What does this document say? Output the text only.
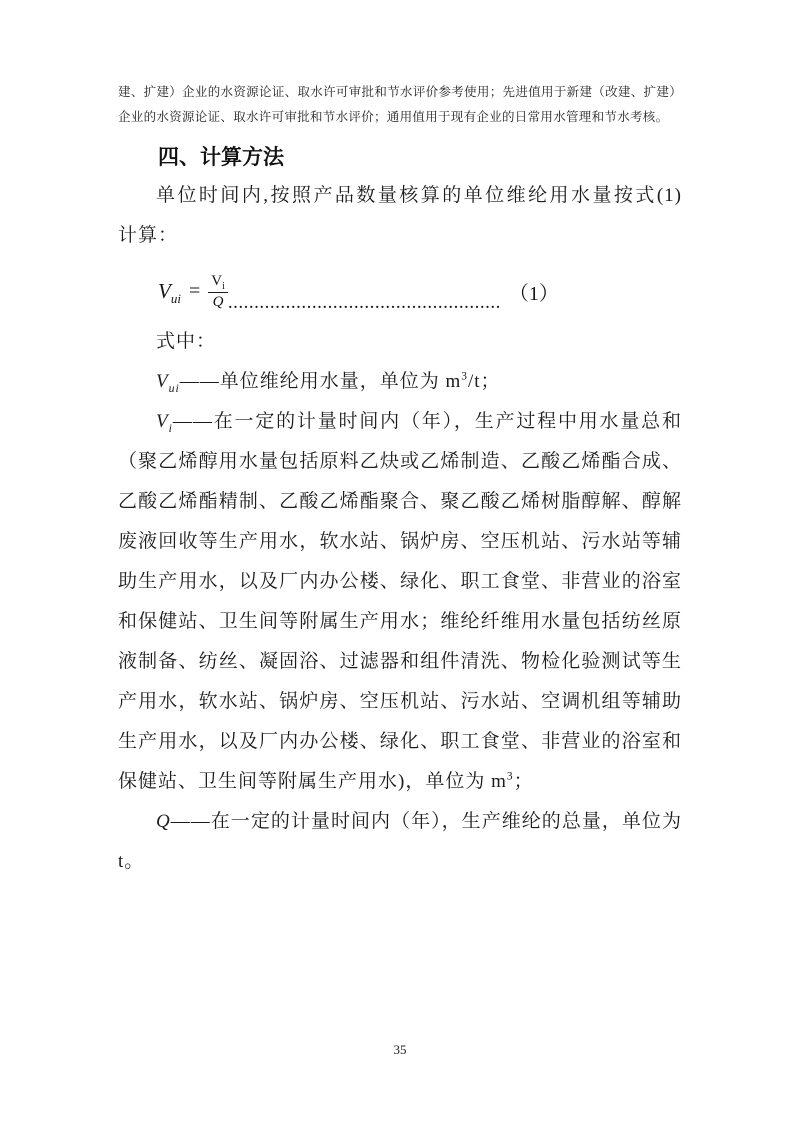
建、扩建）企业的水资源论证、取水许可审批和节水评价参考使用；先进值用于新建（改建、扩建）企业的水资源论证、取水许可审批和节水评价；通用值用于现有企业的日常用水管理和节水考核。

四、计算方法

单位时间内,按照产品数量核算的单位维纶用水量按式(1)
计算：

$V_{ui} = \frac{V_i}{Q}$ .................................................... （1）

式中：

$V_{ui}——$单位维纶用水量，单位为 $m^3/t$；

$V_i——$在一定的计量时间内（年），生产过程中用水量总和（聚乙烯醇用水量包括原料乙炔或乙烯制造、乙酸乙烯酯合成、乙酸乙烯酯精制、乙酸乙烯酯聚合、聚乙酸乙烯树脂醇解、醇解废液回收等生产用水，软水站、锅炉房、空压机站、污水站等辅助生产用水，以及厂内办公楼、绿化、职工食堂、非营业的浴室和保健站、卫生间等附属生产用水；维纶纤维用水量包括纺丝原液制备、纺丝、凝固浴、过滤器和组件清洗、物检化验测试等生产用水，软水站、锅炉房、空压机站、污水站、空调机组等辅助生产用水，以及厂内办公楼、绿化、职工食堂、非营业的浴室和保健站、卫生间等附属生产用水)，单位为 $m^3$；

Q——在一定的计量时间内（年），生产维纶的总量，单位为 t。

35
